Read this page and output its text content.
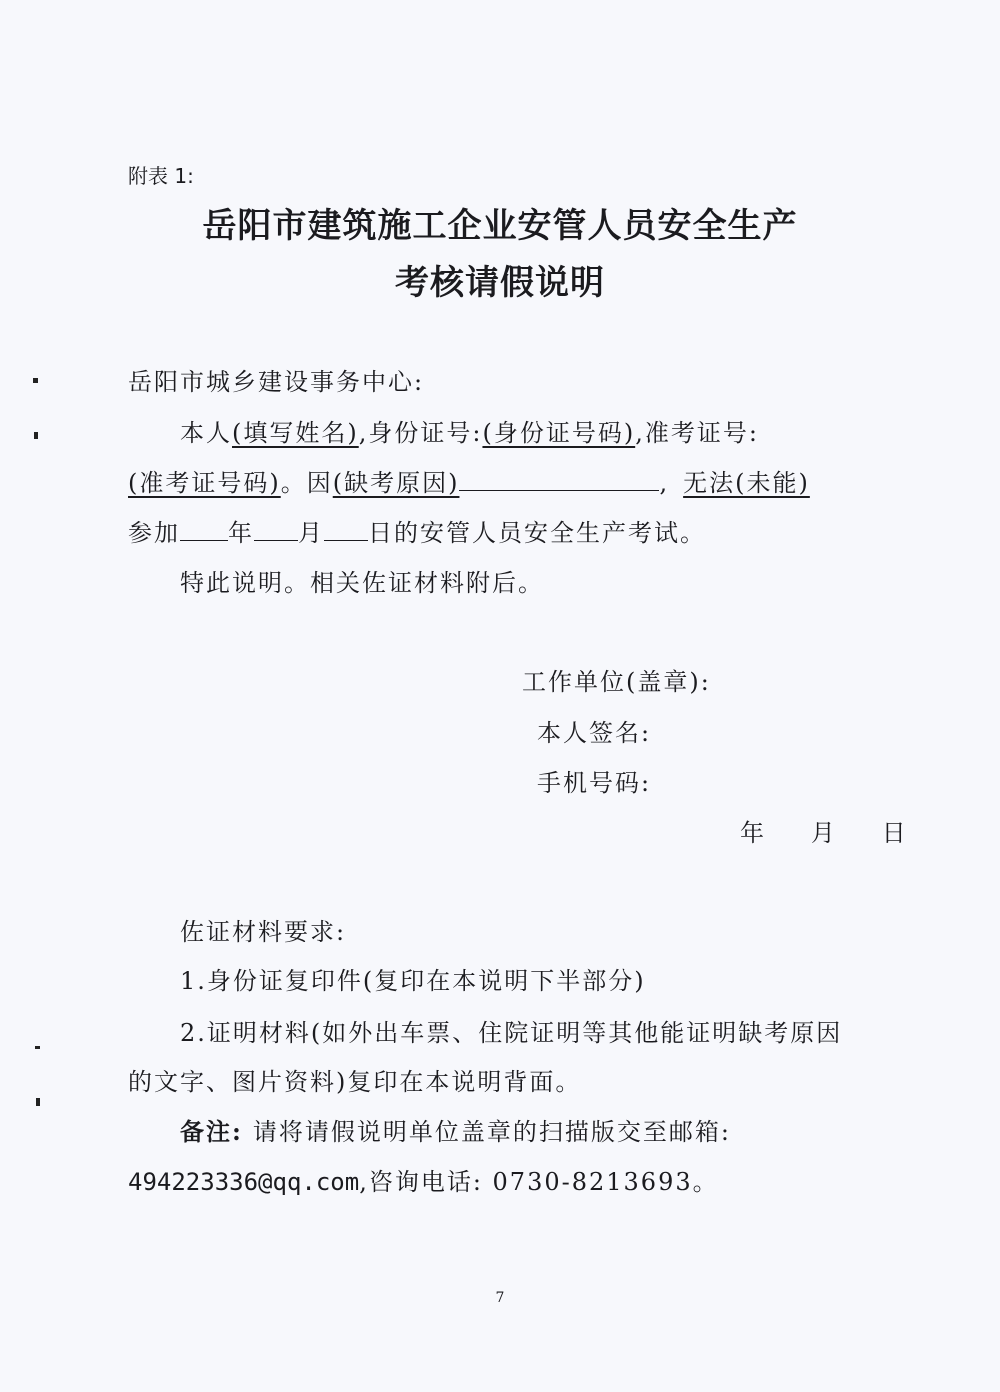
附表 1:
岳阳市建筑施工企业安管人员安全生产
考核请假说明
岳阳市城乡建设事务中心:
本人(填写姓名),身份证号:(身份证号码),准考证号:
(准考证号码)。因(缺考原因)	, 无法(未能)
参加 年 月 日的安管人员安全生产考试。
特此说明。相关佐证材料附后。
工作单位(盖章):
本人签名:
手机号码:
年   月   日
佐证材料要求:
1.身份证复印件(复印在本说明下半部分)
2.证明材料(如外出车票、住院证明等其他能证明缺考原因
的文字、图片资料)复印在本说明背面。
备注: 请将请假说明单位盖章的扫描版交至邮箱:
494223336@qq.com,咨询电话: 0730-8213693。
7
